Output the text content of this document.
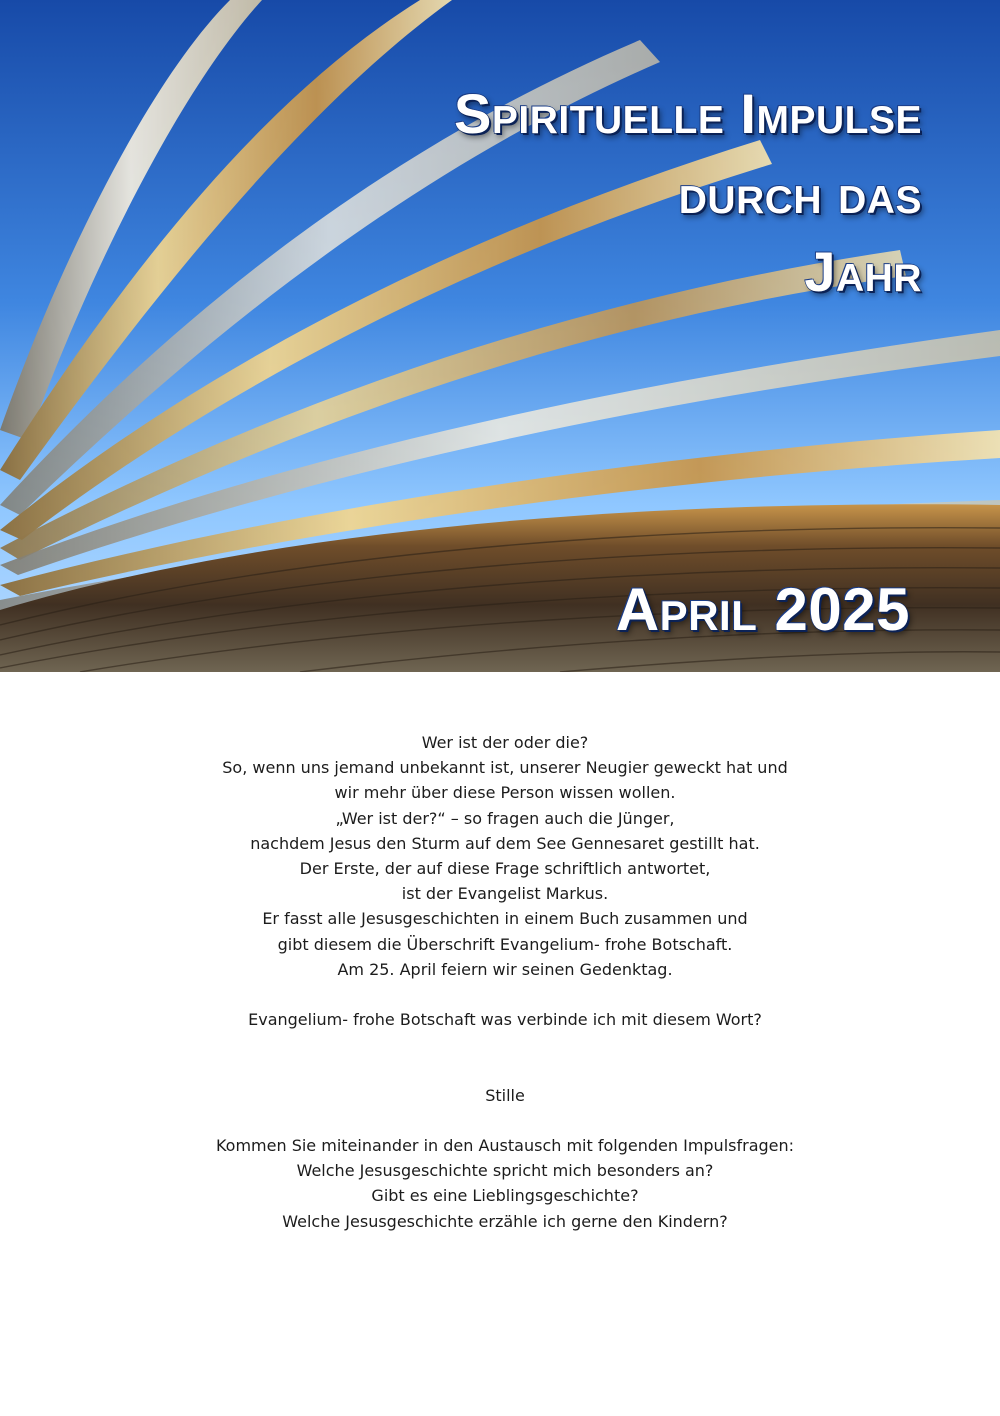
Spirituelle Impulse
durch das
Jahr
April 2025
Wer ist der oder die?
So, wenn uns jemand unbekannt ist, unserer Neugier geweckt hat und
wir mehr über diese Person wissen wollen.
„Wer ist der?“ – so fragen auch die Jünger,
nachdem Jesus den Sturm auf dem See Gennesaret gestillt hat.
Der Erste, der auf diese Frage schriftlich antwortet,
ist der Evangelist Markus.
Er fasst alle Jesusgeschichten in einem Buch zusammen und
gibt diesem die Überschrift Evangelium- frohe Botschaft.
Am 25. April feiern wir seinen Gedenktag.
Evangelium- frohe Botschaft was verbinde ich mit diesem Wort?
Stille
Kommen Sie miteinander in den Austausch mit folgenden Impulsfragen:
Welche Jesusgeschichte spricht mich besonders an?
Gibt es eine Lieblingsgeschichte?
Welche Jesusgeschichte erzähle ich gerne den Kindern?
